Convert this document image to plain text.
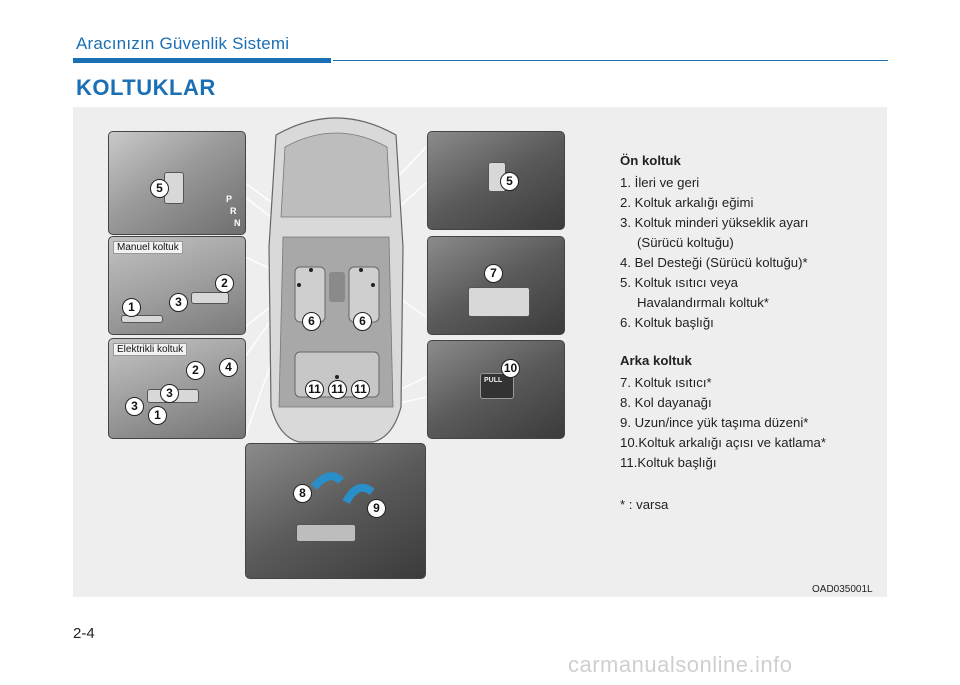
Aracınızın Güvenlik Sistemi
KOLTUKLAR
6	6
11 11 11
P
R
N
5
Manuel koltuk
1
2
3
Elektrikli koltuk
1
2
3
3
4
5
7
PULL
10
8
9
OAD035001L
Ön koltuk
1. İleri ve geri
2. Koltuk arkalığı eğimi
3. Koltuk minderi yükseklik ayarı
(Sürücü koltuğu)
4. Bel Desteği (Sürücü koltuğu)*
5. Koltuk ısıtıcı veya
Havalandırmalı koltuk*
6. Koltuk başlığı
Arka koltuk
7. Koltuk ısıtıcı*
8. Kol dayanağı
9. Uzun/ince yük taşıma düzeni*
10.Koltuk arkalığı açısı ve katlama*
11.Koltuk başlığı
* : varsa
2-4
carmanualsonline.info
